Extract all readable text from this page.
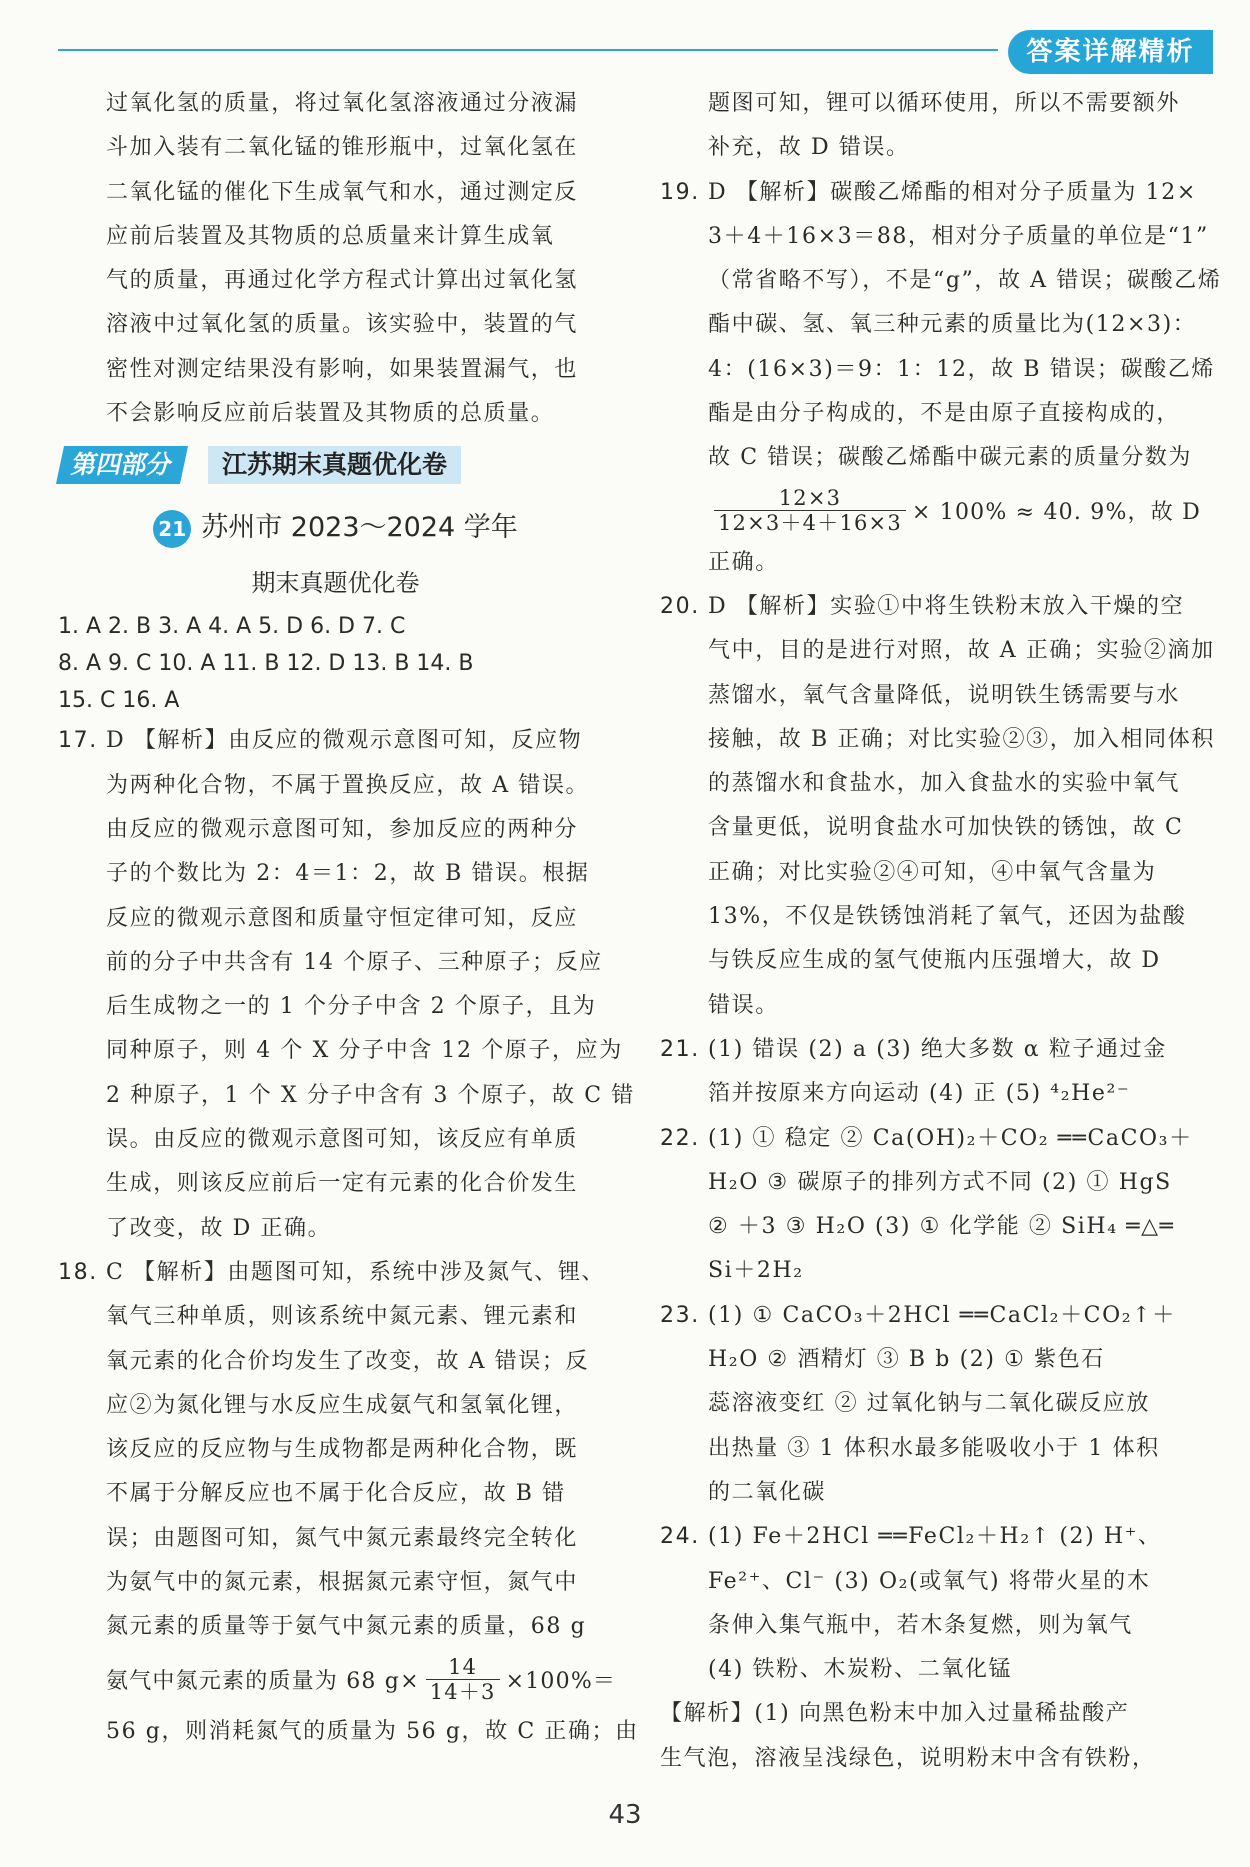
答案详解精析
过氧化氢的质量，将过氧化氢溶液通过分液漏
斗加入装有二氧化锰的锥形瓶中，过氧化氢在
二氧化锰的催化下生成氧气和水，通过测定反
应前后装置及其物质的总质量来计算生成氧
气的质量，再通过化学方程式计算出过氧化氢
溶液中过氧化氢的质量。该实验中，装置的气
密性对测定结果没有影响，如果装置漏气，也
不会影响反应前后装置及其物质的总质量。
第四部分	江苏期末真题优化卷
21 苏州市 2023～2024 学年
期末真题优化卷
1. A 2. B 3. A 4. A 5. D 6. D 7. C
8. A 9. C 10. A 11. B 12. D 13. B 14. B
15. C 16. A
17. D 【解析】由反应的微观示意图可知，反应物
为两种化合物，不属于置换反应，故 A 错误。
由反应的微观示意图可知，参加反应的两种分
子的个数比为 2：4＝1：2，故 B 错误。根据
反应的微观示意图和质量守恒定律可知，反应
前的分子中共含有 14 个原子、三种原子；反应
后生成物之一的 1 个分子中含 2 个原子，且为
同种原子，则 4 个 X 分子中含 12 个原子，应为
2 种原子，1 个 X 分子中含有 3 个原子，故 C 错
误。由反应的微观示意图可知，该反应有单质
生成，则该反应前后一定有元素的化合价发生
了改变，故 D 正确。
18. C 【解析】由题图可知，系统中涉及氮气、锂、
氧气三种单质，则该系统中氮元素、锂元素和
氧元素的化合价均发生了改变，故 A 错误；反
应②为氮化锂与水反应生成氨气和氢氧化锂，
该反应的反应物与生成物都是两种化合物，既
不属于分解反应也不属于化合反应，故 B 错
误；由题图可知，氮气中氮元素最终完全转化
为氨气中的氮元素，根据氮元素守恒，氮气中
氮元素的质量等于氨气中氮元素的质量，68 g
氨气中氮元素的质量为 68 $g\times \frac{14}{14+3} \times 100\%=$
56 g，则消耗氮气的质量为 56 g，故 C 正确；由
题图可知，锂可以循环使用，所以不需要额外
补充，故 D 错误。
19. D 【解析】碳酸乙烯酯的相对分子质量为 12×
3＋4＋16×3＝88，相对分子质量的单位是“1”
（常省略不写），不是“g”，故 A 错误；碳酸乙烯
酯中碳、氢、氧三种元素的质量比为(12×3)：
4：(16×3)＝9：1：12，故 B 错误；碳酸乙烯
酯是由分子构成的，不是由原子直接构成的，
故 C 错误；碳酸乙烯酯中碳元素的质量分数为
$\frac{12\times 3}{12\times 3+4+16\times 3} \times 100\% \approx 40$. 9%，故 D
正确。
20. D 【解析】实验①中将生铁粉末放入干燥的空
气中，目的是进行对照，故 A 正确；实验②滴加
蒸馏水，氧气含量降低，说明铁生锈需要与水
接触，故 B 正确；对比实验②③，加入相同体积
的蒸馏水和食盐水，加入食盐水的实验中氧气
含量更低，说明食盐水可加快铁的锈蚀，故 C
正确；对比实验②④可知，④中氧气含量为
13%，不仅是铁锈蚀消耗了氧气，还因为盐酸
与铁反应生成的氢气使瓶内压强增大，故 D
错误。
21. (1) 错误 (2) a (3) 绝大多数 α 粒子通过金
箔并按原来方向运动 (4) 正 (5) ⁴₂He²⁻
22. (1) ① 稳定 ② Ca(OH)₂＋CO₂ ══CaCO₃＋
H₂O ③ 碳原子的排列方式不同 (2) ① HgS
② ＋3 ③ H₂O (3) ① 化学能 ② SiH₄ ═△═
Si＋2H₂
23. (1) ① CaCO₃＋2HCl ══CaCl₂＋CO₂↑＋
H₂O ② 酒精灯 ③ B b (2) ① 紫色石
蕊溶液变红 ② 过氧化钠与二氧化碳反应放
出热量 ③ 1 体积水最多能吸收小于 1 体积
的二氧化碳
24. (1) Fe＋2HCl ══FeCl₂＋H₂↑ (2) H⁺、
Fe²⁺、Cl⁻ (3) O₂(或氧气) 将带火星的木
条伸入集气瓶中，若木条复燃，则为氧气
(4) 铁粉、木炭粉、二氧化锰
【解析】(1) 向黑色粉末中加入过量稀盐酸产
生气泡，溶液呈浅绿色，说明粉末中含有铁粉，
43
